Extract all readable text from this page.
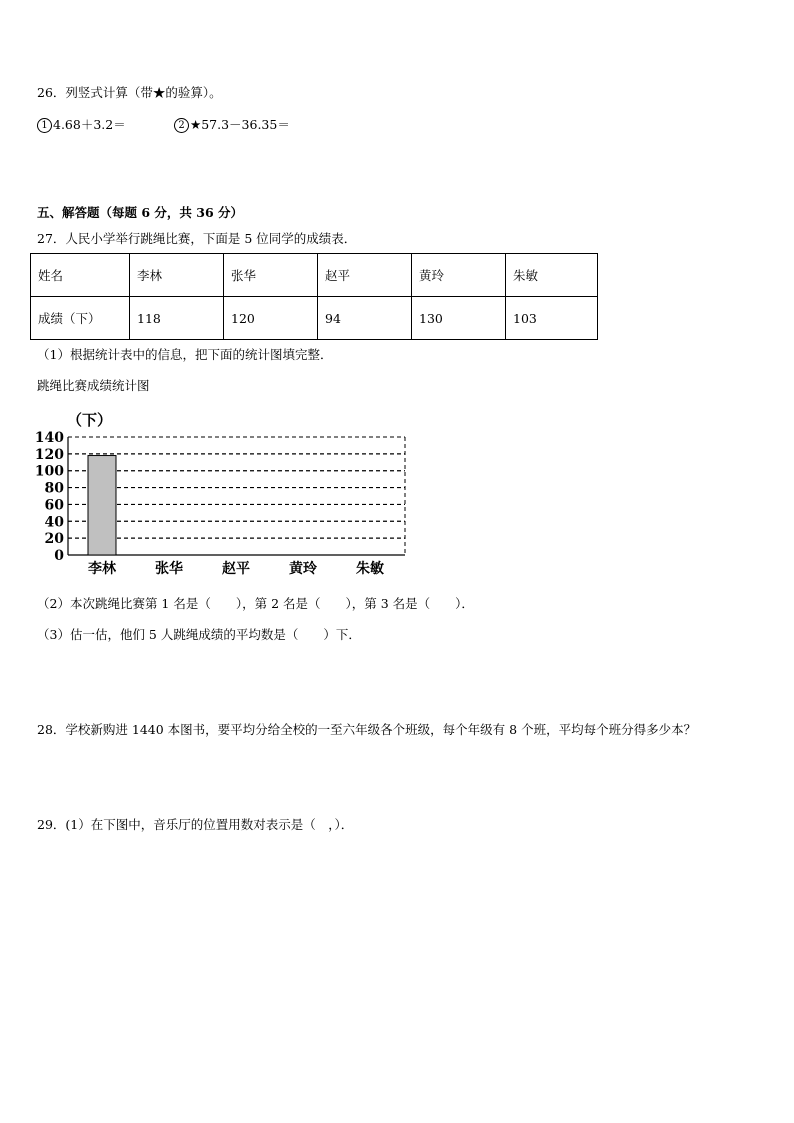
26．列竖式计算（带★的验算）。
1 4.68＋3.2＝	2 ★57.3－36.35＝
五、解答题（每题 6 分，共 36 分）
27．人民小学举行跳绳比赛，下面是 5 位同学的成绩表．
姓名	李林	张华	赵平	黄玲	朱敏
成绩（下）	118	120	94	130	103
（1）根据统计表中的信息，把下面的统计图填完整．
跳绳比赛成绩统计图
（下）
0
20
40
60
80
100
120
140
李林	张华	赵平	黄玲	朱敏
（2）本次跳绳比赛第 1 名是（　　），第 2 名是（　　），第 3 名是（　　）．
（3）估一估，他们 5 人跳绳成绩的平均数是（　　）下．
28．学校新购进 1440 本图书，要平均分给全校的一至六年级各个班级，每个年级有 8 个班，平均每个班分得多少本？
29．(1）在下图中，音乐厅的位置用数对表示是（　，）．
